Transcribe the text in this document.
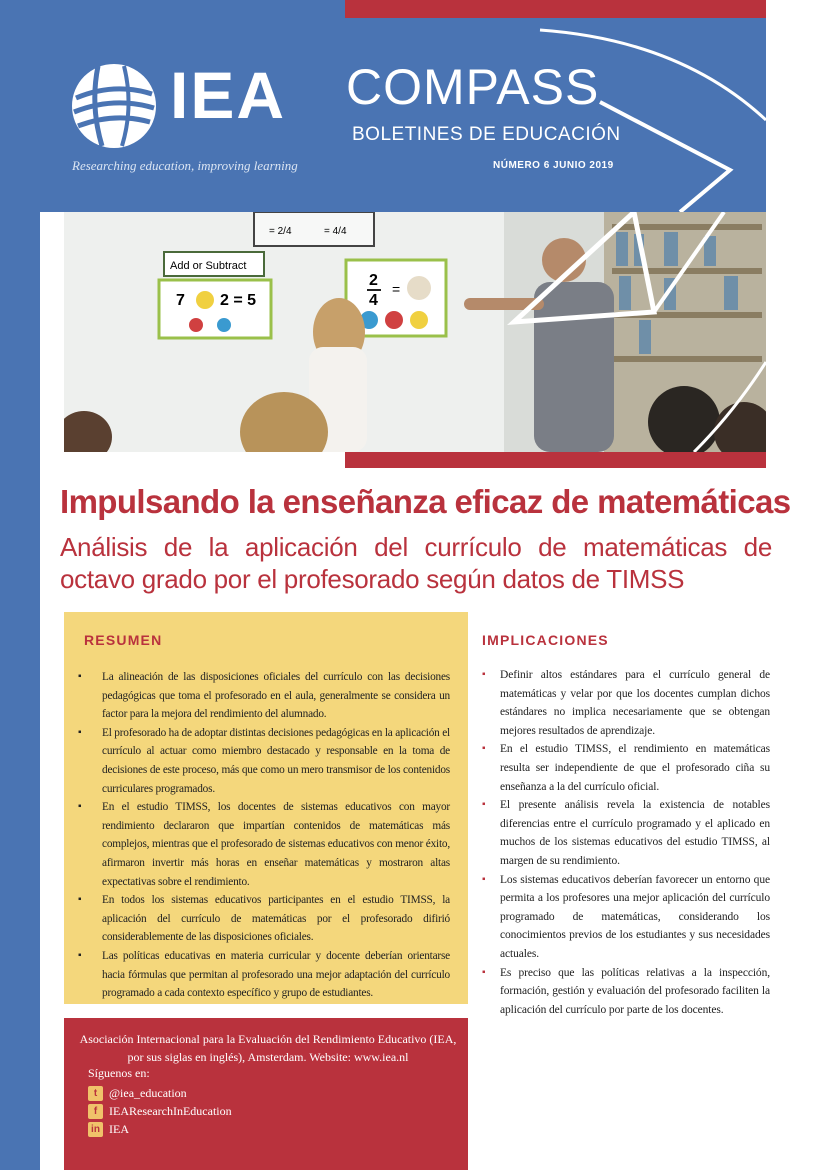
IEA
Researching education, improving learning
COMPASS
BOLETINES DE EDUCACIÓN
NÚMERO 6 JUNIO 2019
= 2/4	= 4/4
Add or Subtract
7 2 = 5
2
4
=
Impulsando la enseñanza eficaz de matemáticas
Análisis de la aplicación del currículo de matemáticas de octavo grado por el profesorado según datos de TIMSS
RESUMEN
▪ La alineación de las disposiciones oficiales del currículo con las decisiones pedagógicas que toma el profesorado en el aula, generalmente se considera un factor para la mejora del rendimiento del alumnado.
▪ El profesorado ha de adoptar distintas decisiones pedagógicas en la aplicación el currículo al actuar como miembro destacado y responsable en la toma de decisiones de este proceso, más que como un mero transmisor de los contenidos curriculares programados.
▪ En el estudio TIMSS, los docentes de sistemas educativos con mayor rendimiento declararon que impartían contenidos de matemáticas más complejos, mientras que el profesorado de sistemas educativos con menor éxito, afirmaron invertir más horas en enseñar matemáticas y mostraron altas expectativas sobre el rendimiento.
▪ En todos los sistemas educativos participantes en el estudio TIMSS, la aplicación del currículo de matemáticas por el profesorado difirió considerablemente de las disposiciones oficiales.
▪ Las políticas educativas en materia curricular y docente deberían orientarse hacia fórmulas que permitan al profesorado una mejor adaptación del currículo programado a cada contexto específico y grupo de estudiantes.
IMPLICACIONES
▪ Definir altos estándares para el currículo general de matemáticas y velar por que los docentes cumplan dichos estándares no implica necesariamente que se obtengan mejores resultados de aprendizaje.
▪ En el estudio TIMSS, el rendimiento en matemáticas resulta ser independiente de que el profesorado ciña su enseñanza a la del currículo oficial.
▪ El presente análisis revela la existencia de notables diferencias entre el currículo programado y el aplicado en muchos de los sistemas educativos del estudio TIMSS, al margen de su rendimiento.
▪ Los sistemas educativos deberían favorecer un entorno que permita a los profesores una mejor aplicación del currículo programado de matemáticas, considerando los conocimientos previos de los estudiantes y sus necesidades actuales.
▪ Es preciso que las políticas relativas a la inspección, formación, gestión y evaluación del profesorado faciliten la aplicación del currículo por parte de los docentes.
Asociación Internacional para la Evaluación del Rendimiento Educativo (IEA, por sus siglas en inglés), Amsterdam. Website: www.iea.nl
Síguenos en:
t @iea_education
f IEAResearchInEducation
in IEA
